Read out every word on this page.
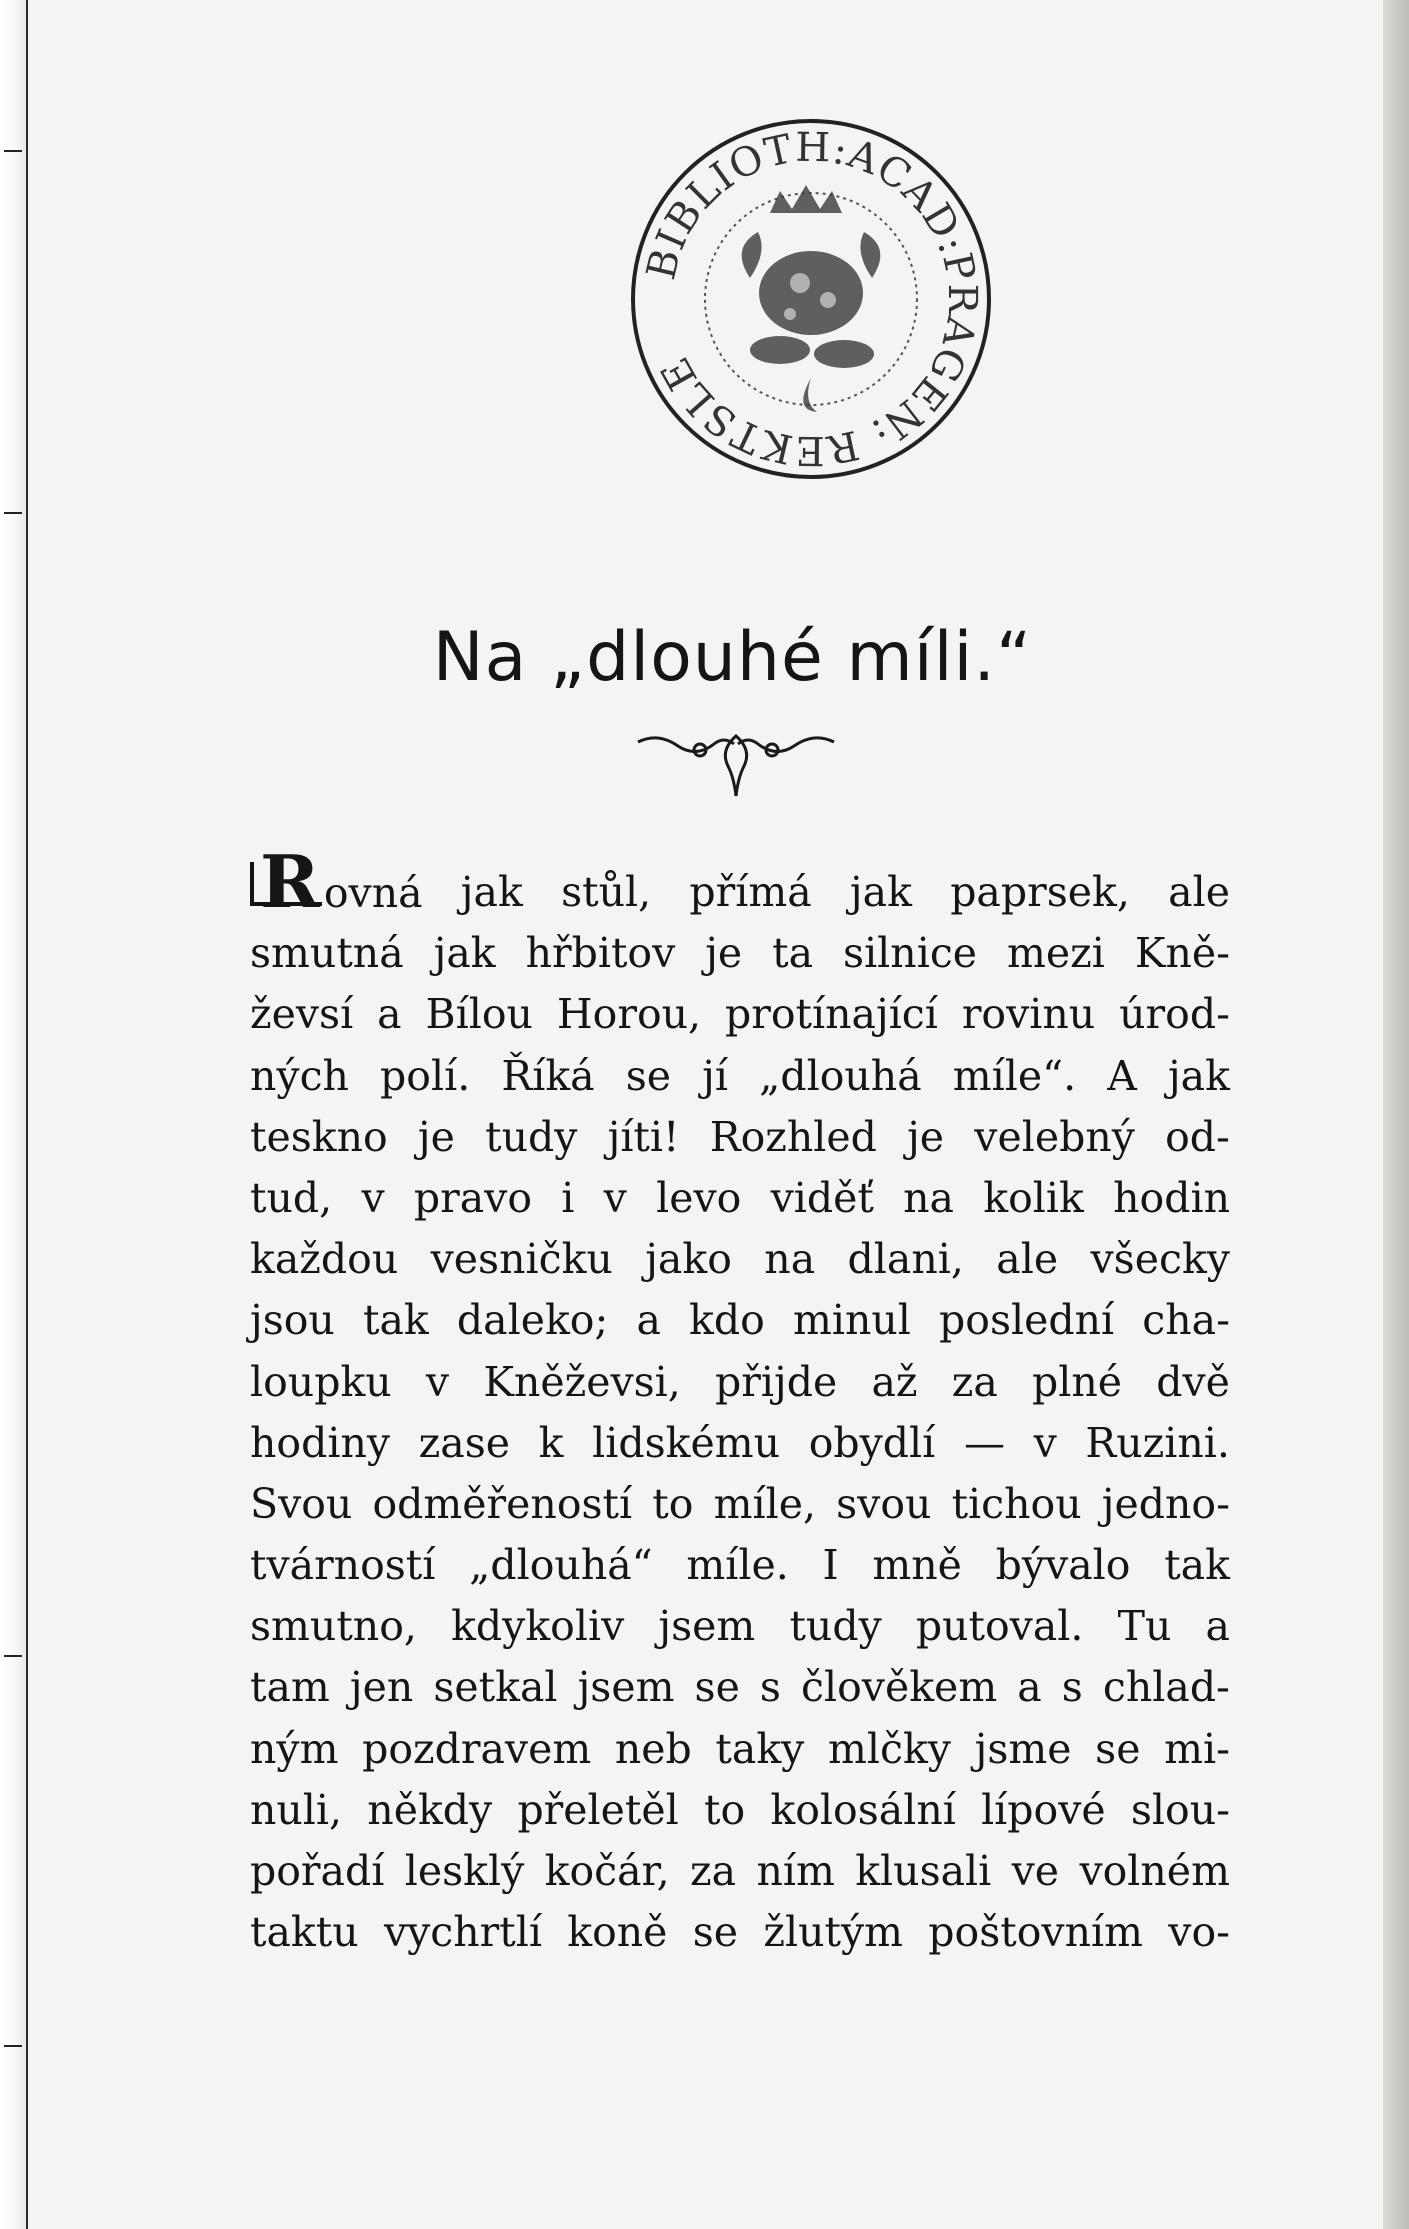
BIBLIOTH:ACAD:PRAGEN: REKTSLE
Na „dlouhé míli.“
Rovná jak stůl, přímá jak paprsek, ale
smutná jak hřbitov je ta silnice mezi Kně-
ževsí a Bílou Horou, protínající rovinu úrod-
ných polí. Říká se jí „dlouhá míle“. A jak
teskno je tudy jíti! Rozhled je velebný od-
tud, v pravo i v levo viděť na kolik hodin
každou vesničku jako na dlani, ale všecky
jsou tak daleko; a kdo minul poslední cha-
loupku v Kněževsi, přijde až za plné dvě
hodiny zase k lidskému obydlí — v Ruzini.
Svou odměřeností to míle, svou tichou jedno-
tvárností „dlouhá“ míle. I mně bývalo tak
smutno, kdykoliv jsem tudy putoval. Tu a
tam jen setkal jsem se s člověkem a s chlad-
ným pozdravem neb taky mlčky jsme se mi-
nuli, někdy přeletěl to kolosální lípové slou-
pořadí lesklý kočár, za ním klusali ve volném
taktu vychrtlí koně se žlutým poštovním vo-
